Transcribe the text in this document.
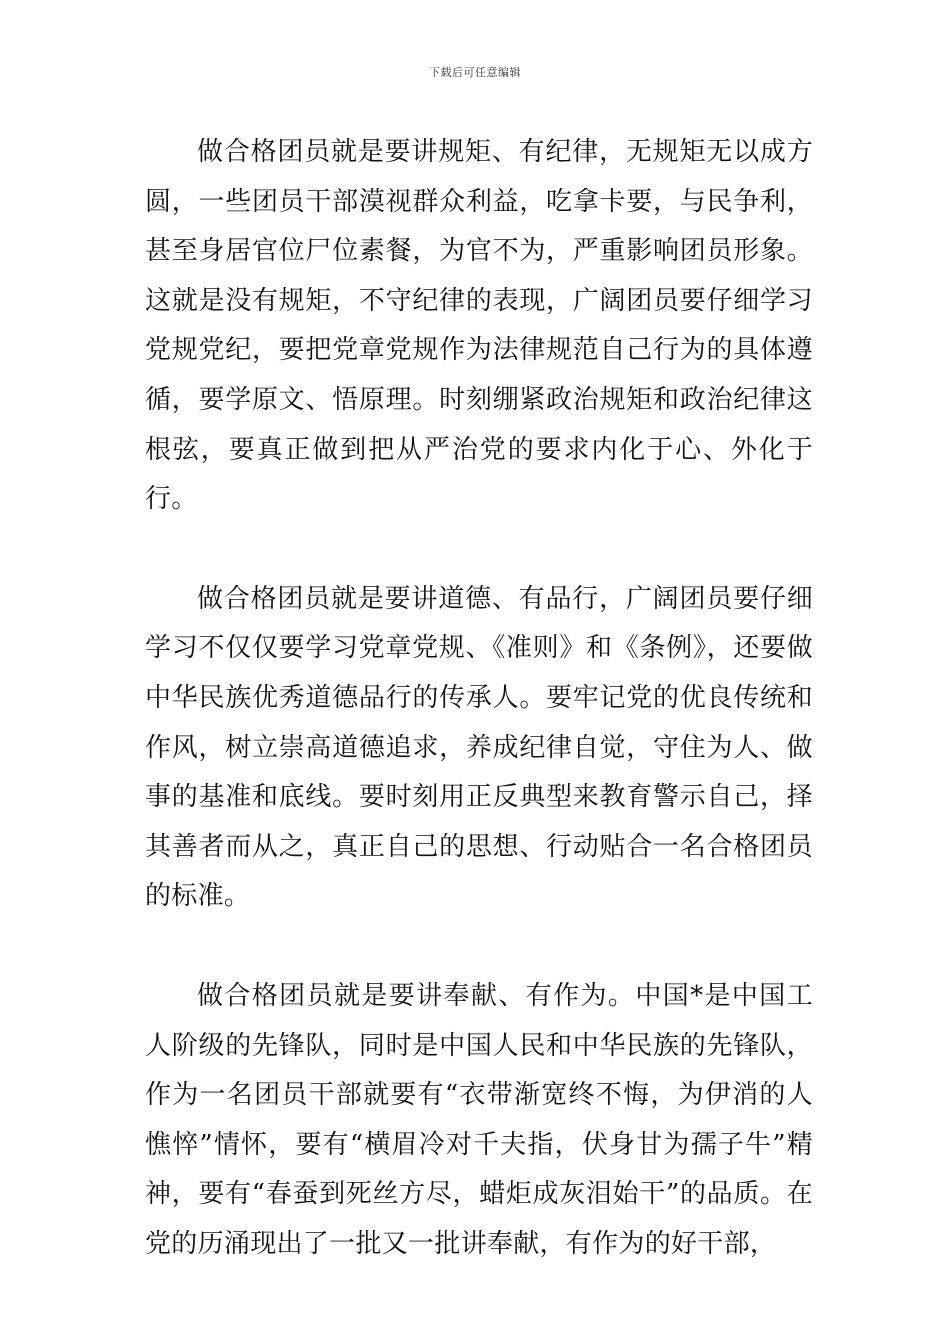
下载后可任意编辑

做合格团员就是要讲规矩、有纪律，无规矩无以成方圆，一些团员干部漠视群众利益，吃拿卡要，与民争利，甚至身居官位尸位素餐，为官不为，严重影响团员形象。这就是没有规矩，不守纪律的表现，广阔团员要仔细学习党规党纪，要把党章党规作为法律规范自己行为的具体遵循，要学原文、悟原理。时刻绷紧政治规矩和政治纪律这根弦，要真正做到把从严治党的要求内化于心、外化于行。

做合格团员就是要讲道德、有品行，广阔团员要仔细学习不仅仅要学习党章党规、《准则》和《条例》，还要做中华民族优秀道德品行的传承人。要牢记党的优良传统和作风，树立崇高道德追求，养成纪律自觉，守住为人、做事的基准和底线。要时刻用正反典型来教育警示自己，择其善者而从之，真正自己的思想、行动贴合一名合格团员的标准。

做合格团员就是要讲奉献、有作为。中国*是中国工人阶级的先锋队，同时是中国人民和中华民族的先锋队，作为一名团员干部就要有“衣带渐宽终不悔，为伊消的人憔悴”情怀，要有“横眉冷对千夫指，伏身甘为孺子牛”精神，要有“春蚕到死丝方尽，蜡炬成灰泪始干”的品质。在党的历涌现出了一批又一批讲奉献，有作为的好干部，
